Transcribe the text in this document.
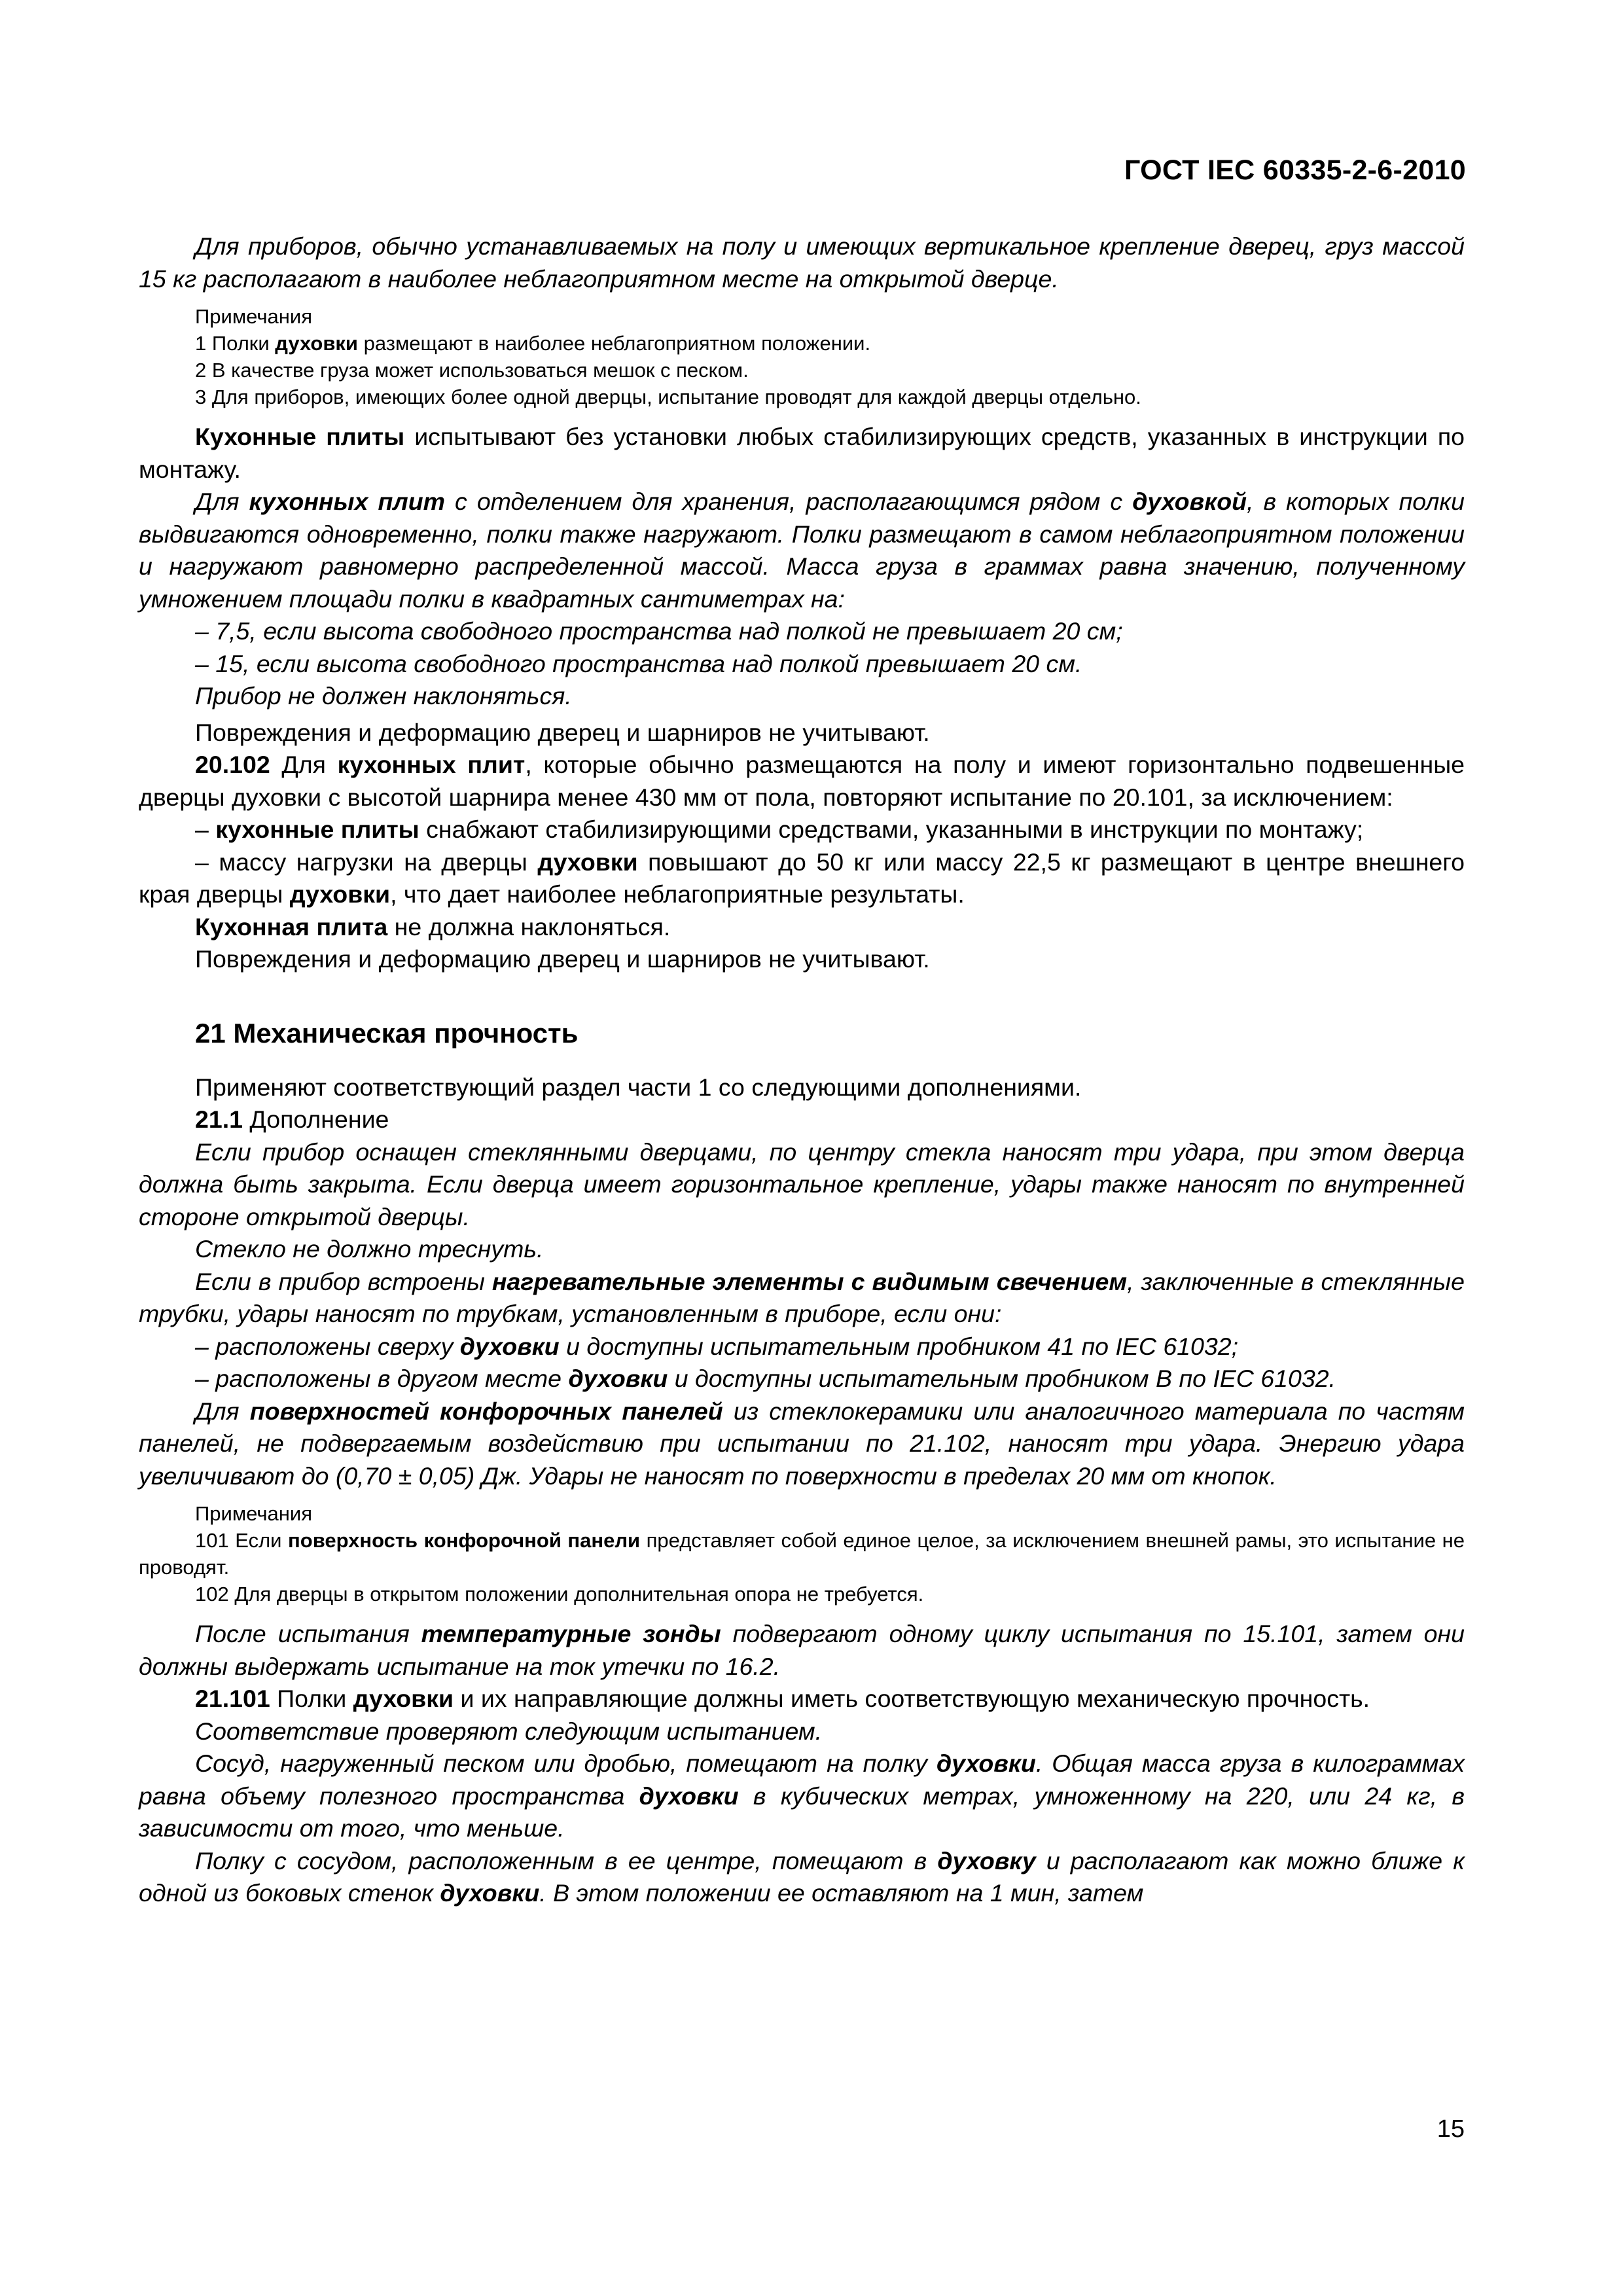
ГОСТ IEC 60335-2-6-2010

Для приборов, обычно устанавливаемых на полу и имеющих вертикальное крепление дверец, груз массой 15 кг располагают в наиболее неблагоприятном месте на открытой дверце.

Примечания

1 Полки духовки размещают в наиболее неблагоприятном положении.

2 В качестве груза может использоваться мешок с песком.

3 Для приборов, имеющих более одной дверцы, испытание проводят для каждой дверцы отдельно.

Кухонные плиты испытывают без установки любых стабилизирующих средств, указанных в инструкции по монтажу.

Для кухонных плит с отделением для хранения, располагающимся рядом с духовкой, в которых полки выдвигаются одновременно, полки также нагружают. Полки размещают в самом неблагоприятном положении и нагружают равномерно распределенной массой. Масса груза в граммах равна значению, полученному умножением площади полки в квадратных сантиметрах на:

– 7,5, если высота свободного пространства над полкой не превышает 20 см;

– 15, если высота свободного пространства над полкой превышает 20 см.

Прибор не должен наклоняться.

Повреждения и деформацию дверец и шарниров не учитывают.

20.102 Для кухонных плит, которые обычно размещаются на полу и имеют горизонтально подвешенные дверцы духовки с высотой шарнира менее 430 мм от пола, повторяют испытание по 20.101, за исключением:

– кухонные плиты снабжают стабилизирующими средствами, указанными в инструкции по монтажу;

– массу нагрузки на дверцы духовки повышают до 50 кг или массу 22,5 кг размещают в центре внешнего края дверцы духовки, что дает наиболее неблагоприятные результаты.

Кухонная плита не должна наклоняться.

Повреждения и деформацию дверец и шарниров не учитывают.

21 Механическая прочность

Применяют соответствующий раздел части 1 со следующими дополнениями.

21.1 Дополнение

Если прибор оснащен стеклянными дверцами, по центру стекла наносят три удара, при этом дверца должна быть закрыта. Если дверца имеет горизонтальное крепление, удары также наносят по внутренней стороне открытой дверцы.

Стекло не должно треснуть.

Если в прибор встроены нагревательные элементы с видимым свечением, заключенные в стеклянные трубки, удары наносят по трубкам, установленным в приборе, если они:

– расположены сверху духовки и доступны испытательным пробником 41 по IEC 61032;

– расположены в другом месте духовки и доступны испытательным пробником В по IEC 61032.

Для поверхностей конфорочных панелей из стеклокерамики или аналогичного материала по частям панелей, не подвергаемым воздействию при испытании по 21.102, наносят три удара. Энергию удара увеличивают до (0,70 ± 0,05) Дж. Удары не наносят по поверхности в пределах 20 мм от кнопок.

Примечания

101 Если поверхность конфорочной панели представляет собой единое целое, за исключением внешней рамы, это испытание не проводят.

102 Для дверцы в открытом положении дополнительная опора не требуется.

После испытания температурные зонды подвергают одному циклу испытания по 15.101, затем они должны выдержать испытание на ток утечки по 16.2.

21.101 Полки духовки и их направляющие должны иметь соответствующую механическую прочность.

Соответствие проверяют следующим испытанием.

Сосуд, нагруженный песком или дробью, помещают на полку духовки. Общая масса груза в килограммах равна объему полезного пространства духовки в кубических метрах, умноженному на 220, или 24 кг, в зависимости от того, что меньше.

Полку с сосудом, расположенным в ее центре, помещают в духовку и располагают как можно ближе к одной из боковых стенок духовки. В этом положении ее оставляют на 1 мин, затем

15
